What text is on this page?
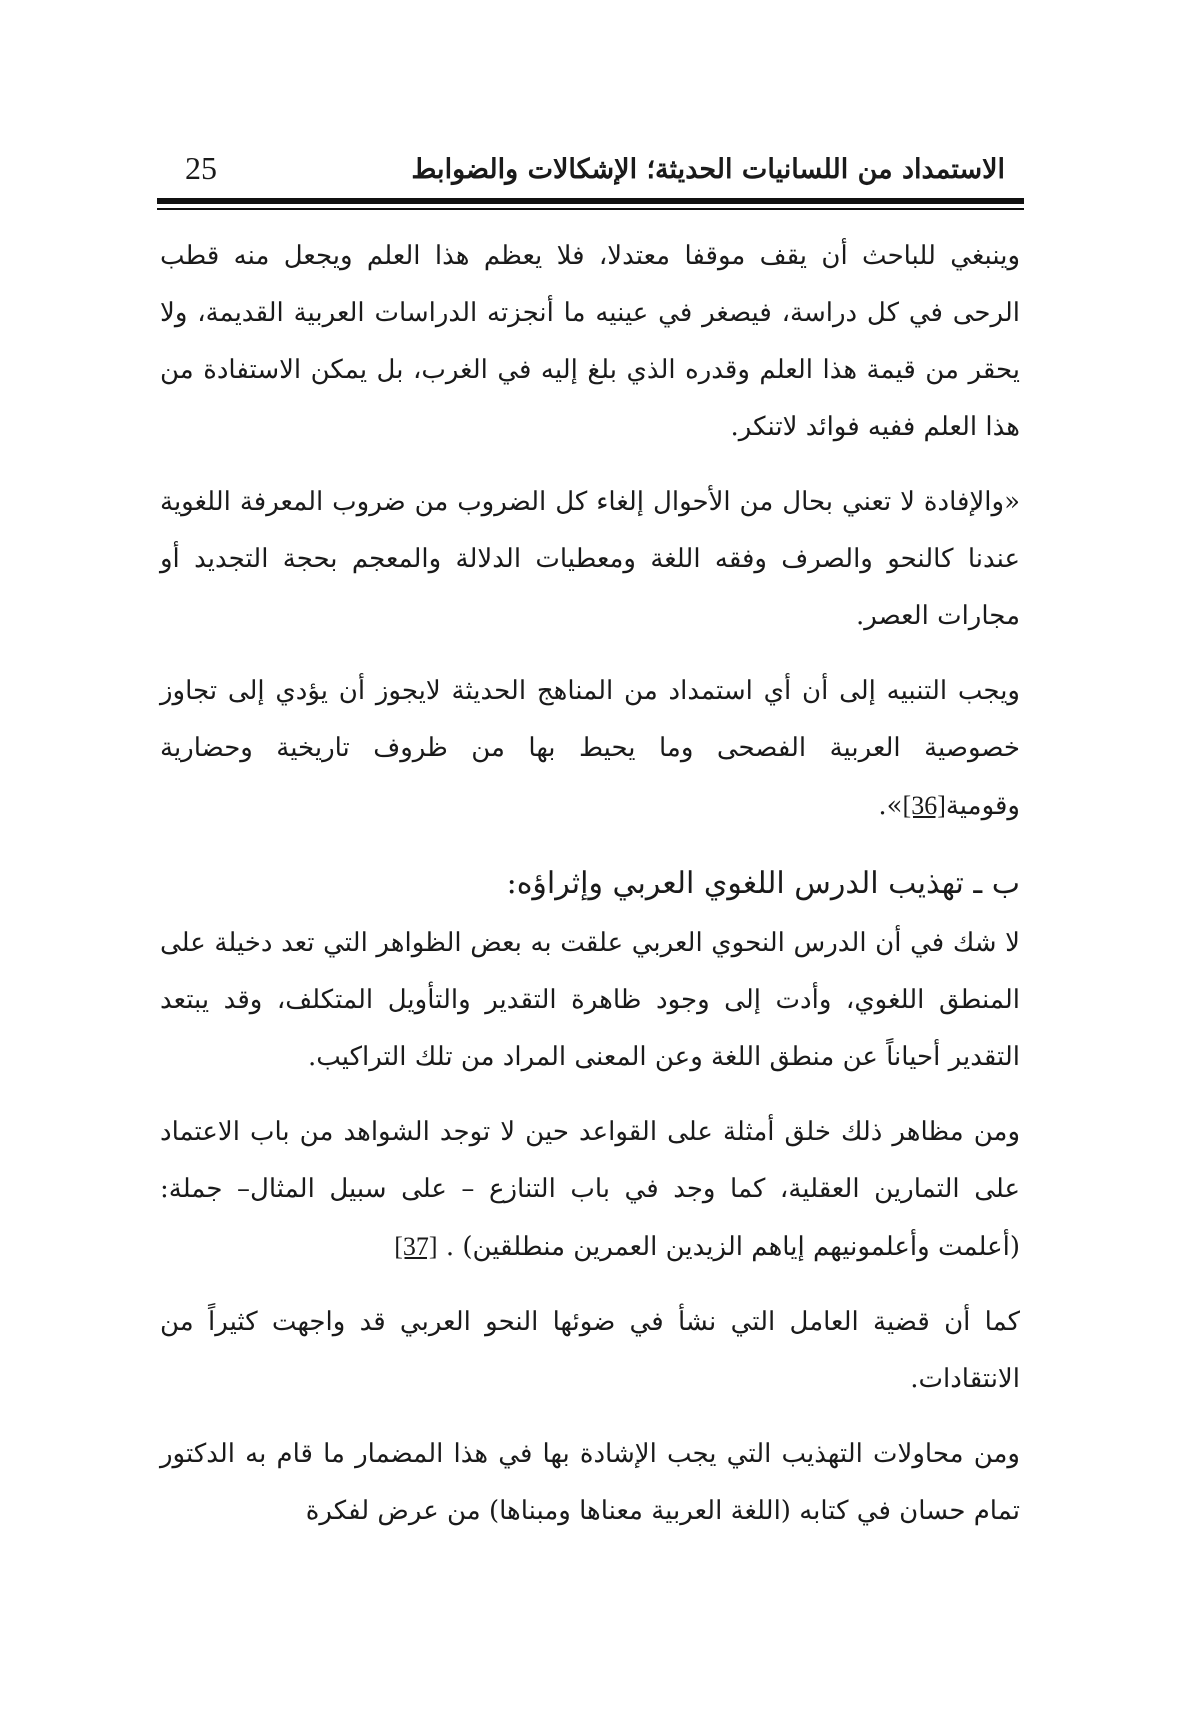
25	الاستمداد من اللسانيات الحديثة؛ الإشكالات والضوابط

وينبغي للباحث أن يقف موقفا معتدلا، فلا يعظم هذا العلم ويجعل منه قطب الرحى في كل دراسة، فيصغر في عينيه ما أنجزته الدراسات العربية القديمة، ولا يحقر من قيمة هذا العلم وقدره الذي بلغ إليه في الغرب، بل يمكن الاستفادة من هذا العلم ففيه فوائد لاتنكر.

«والإفادة لا تعني بحال من الأحوال إلغاء كل الضروب من ضروب المعرفة اللغوية عندنا كالنحو والصرف وفقه اللغة ومعطيات الدلالة والمعجم بحجة التجديد أو مجارات العصر.

ويجب التنبيه إلى أن أي استمداد من المناهج الحديثة لايجوز أن يؤدي إلى تجاوز خصوصية العربية الفصحى وما يحيط بها من ظروف تاريخية وحضارية وقومية[36]».

ب ـ تهذيب الدرس اللغوي العربي وإثراؤه:

لا شك في أن الدرس النحوي العربي علقت به بعض الظواهر التي تعد دخيلة على المنطق اللغوي، وأدت إلى وجود ظاهرة التقدير والتأويل المتكلف، وقد يبتعد التقدير أحياناً عن منطق اللغة وعن المعنى المراد من تلك التراكيب.

ومن مظاهر ذلك خلق أمثلة على القواعد حين لا توجد الشواهد من باب الاعتماد على التمارين العقلية، كما وجد في باب التنازع – على سبيل المثال– جملة: (أعلمت وأعلمونيهم إياهم الزيدين العمرين منطلقين) . [37]

كما أن قضية العامل التي نشأ في ضوئها النحو العربي قد واجهت كثيراً من الانتقادات.

ومن محاولات التهذيب التي يجب الإشادة بها في هذا المضمار ما قام به الدكتور تمام حسان في كتابه (اللغة العربية معناها ومبناها) من عرض لفكرة
